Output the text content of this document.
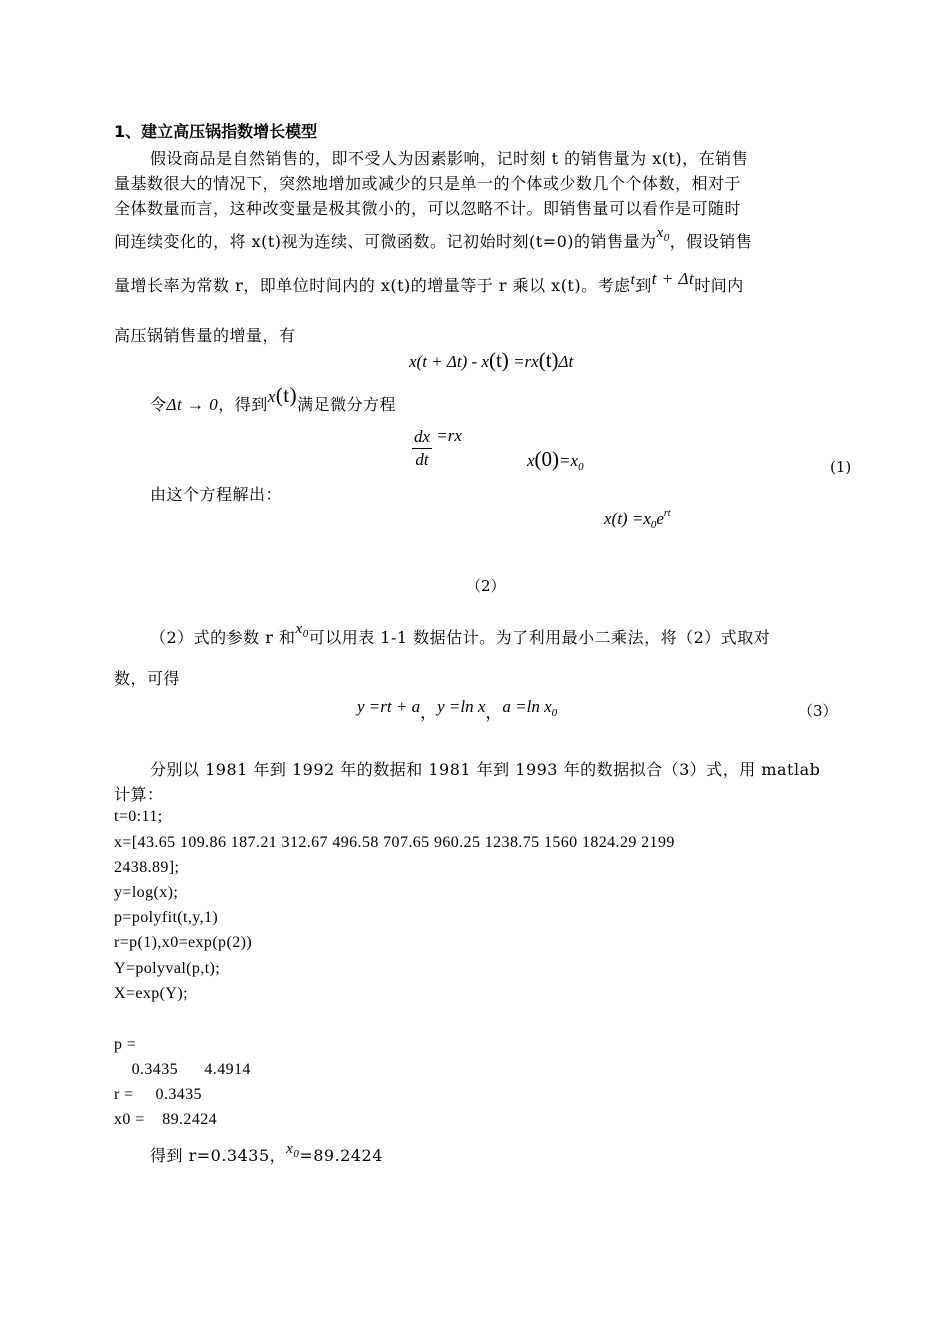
1、建立高压锅指数增长模型
假设商品是自然销售的，即不受人为因素影响，记时刻 t 的销售量为 x(t)，在销售
量基数很大的情况下，突然地增加或减少的只是单一的个体或少数几个个体数，相对于
全体数量而言，这种改变量是极其微小的，可以忽略不计。即销售量可以看作是可随时
间连续变化的，将 x(t)视为连续、可微函数。记初始时刻(t=0)的销售量为$x_0$，假设销售
量增长率为常数 r，即单位时间内的 x(t)的增量等于 r 乘以 x(t)。考虑t到t + Δt时间内
高压锅销售量的增量，有
x(t + Δt) - x(t) =rx(t)Δt
令Δt → 0，得到x(t)满足微分方程
$\frac{dx}{dt} =rx$
$x(0)=x_0$	(1)
由这个方程解出：
$x(t) =x_0e^{rt}$
（2）
（2）式的参数 r 和$x_0$可以用表 1-1 数据估计。为了利用最小二乘法，将（2）式取对
数，可得
y =rt + a，y =ln x，a =ln $x_0$	（3）
分别以 1981 年到 1992 年的数据和 1981 年到 1993 年的数据拟合（3）式，用 matlab
计算：
t=0:11;
x=[43.65 109.86 187.21 312.67 496.58 707.65 960.25 1238.75 1560 1824.29 2199
2438.89];
y=log(x);
p=polyfit(t,y,1)
r=p(1),x0=exp(p(2))
Y=polyval(p,t);
X=exp(Y);
p =
0.3435      4.4914
r =     0.3435
x0 =    89.2424
得到 r=0.3435，$x_0=89.2424$
